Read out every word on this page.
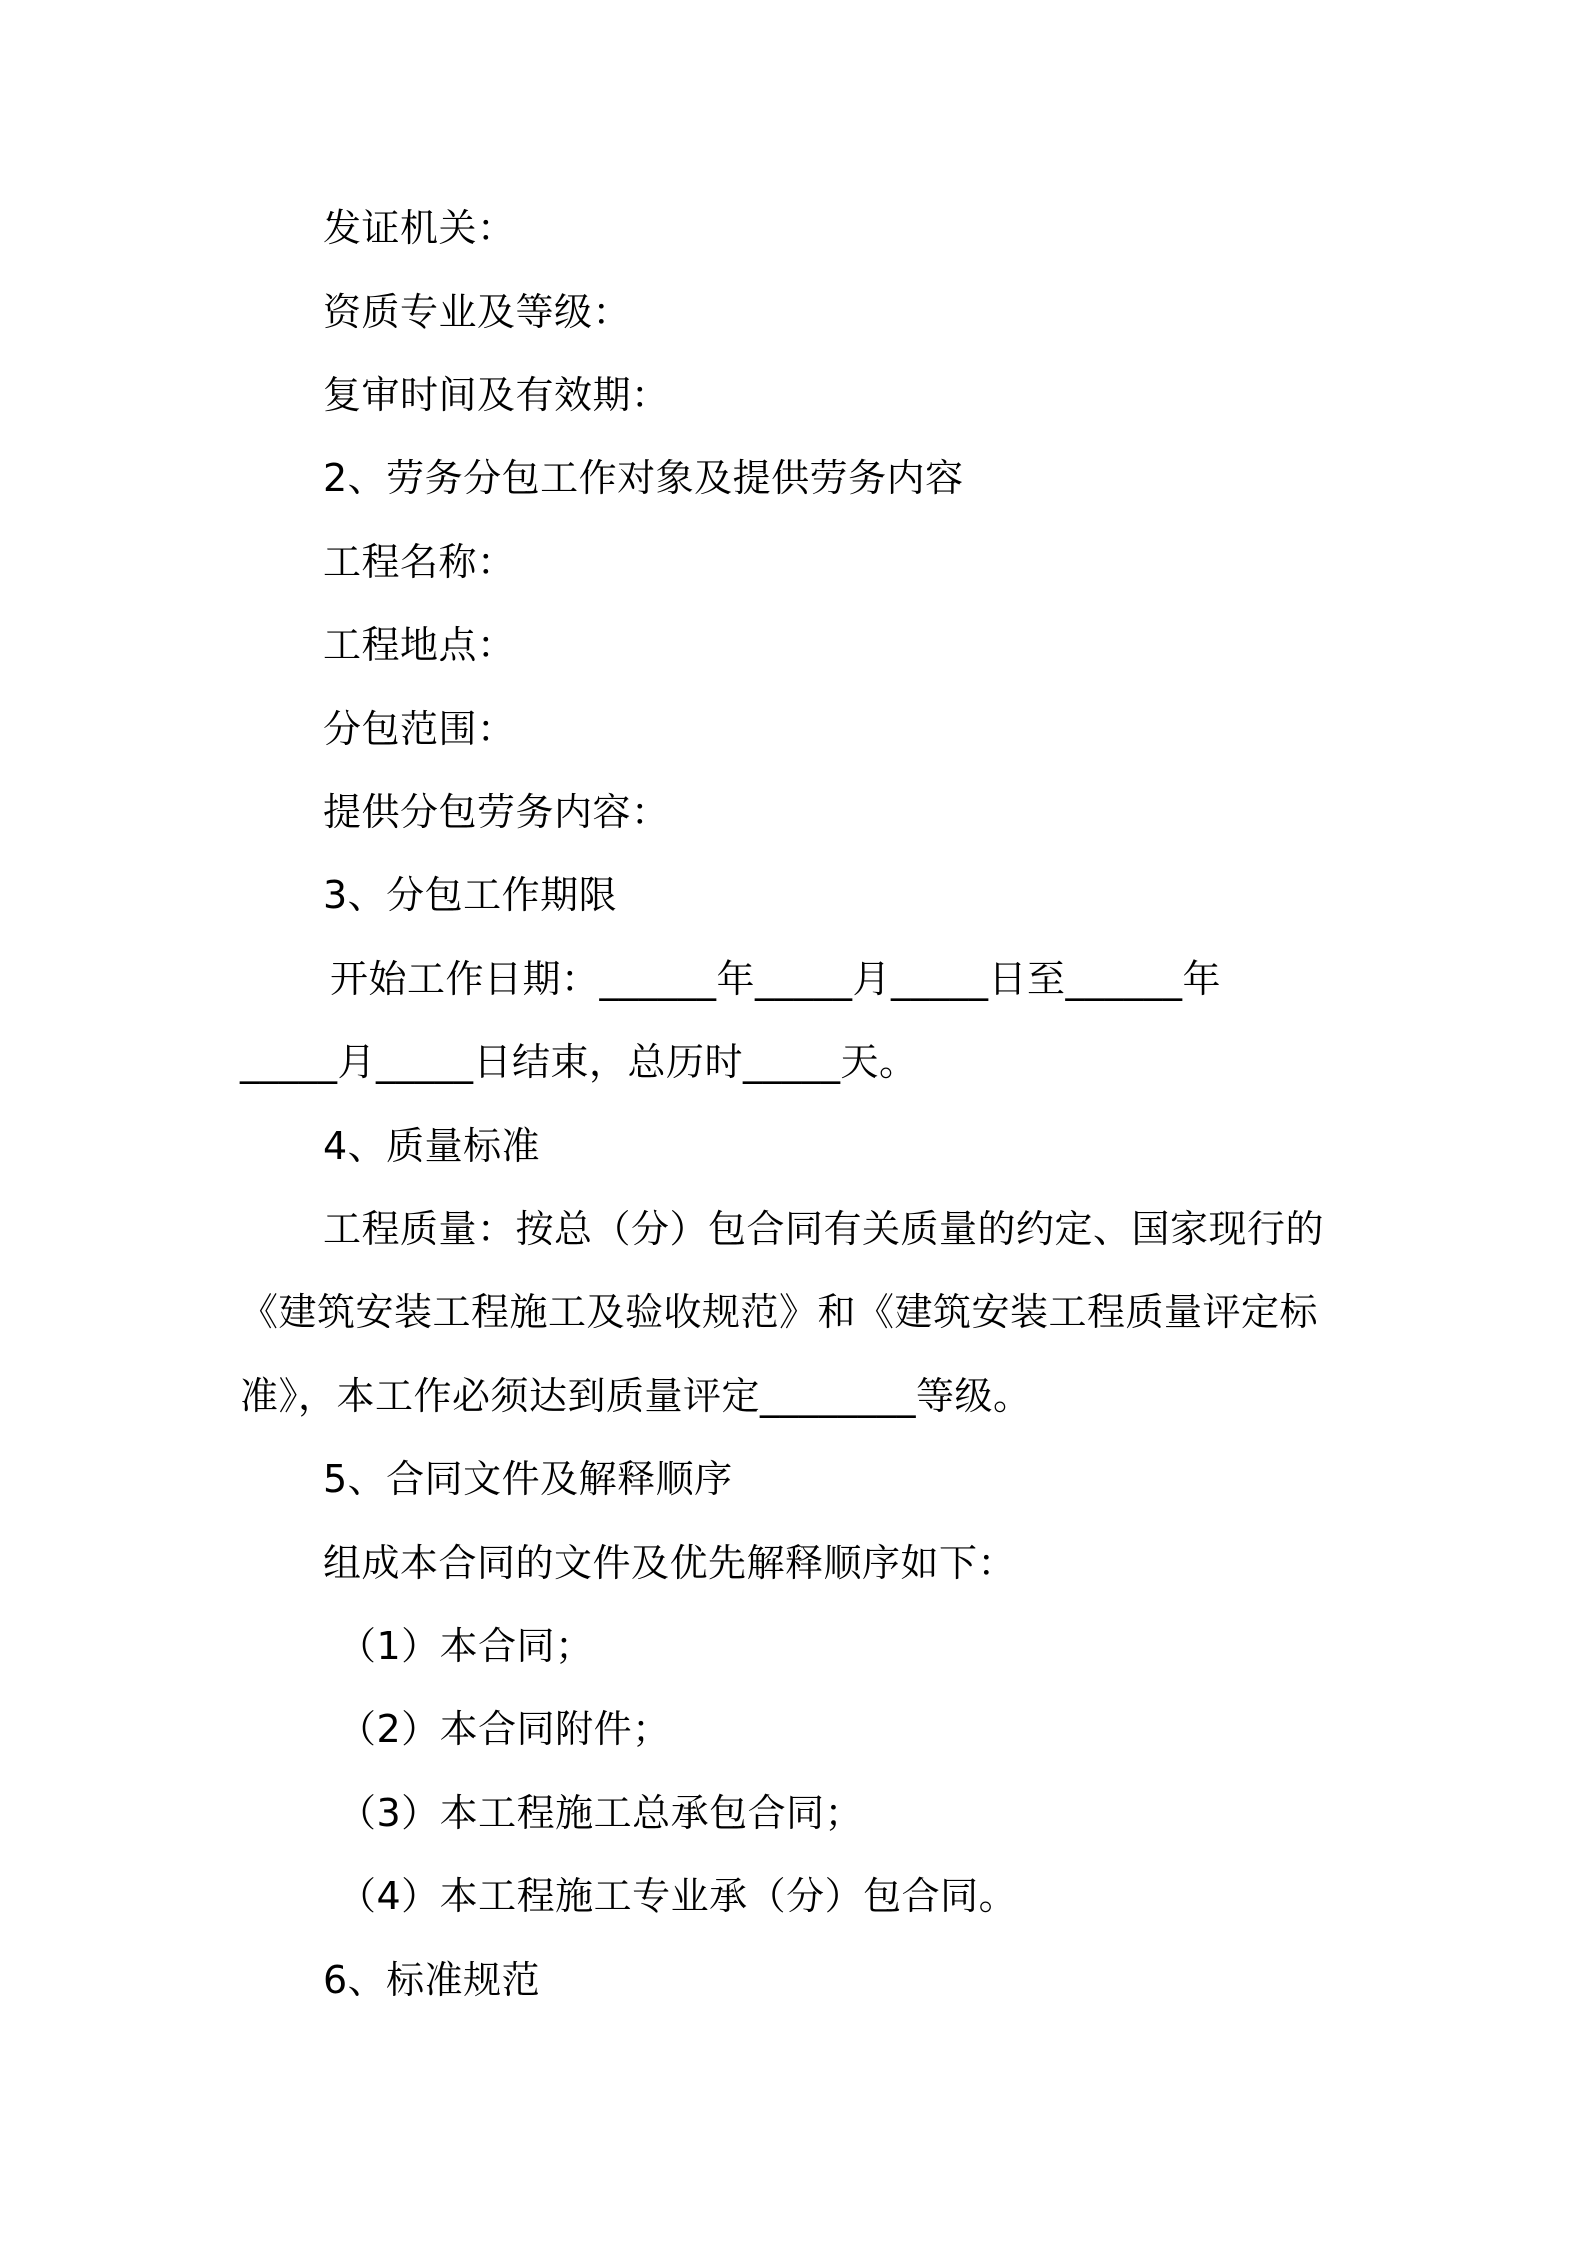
发证机关：
资质专业及等级：
复审时间及有效期：
2、劳务分包工作对象及提供劳务内容
工程名称：
工程地点：
分包范围：
提供分包劳务内容：
3、分包工作期限
开始工作日期：______年_____月_____日至______年
_____月_____日结束，总历时_____天。
4、质量标准
工程质量：按总（分）包合同有关质量的约定、国家现行的
《建筑安装工程施工及验收规范》和《建筑安装工程质量评定标
准》，本工作必须达到质量评定________等级。
5、合同文件及解释顺序
组成本合同的文件及优先解释顺序如下：
（1）本合同；
（2）本合同附件；
（3）本工程施工总承包合同；
（4）本工程施工专业承（分）包合同。
6、标准规范
